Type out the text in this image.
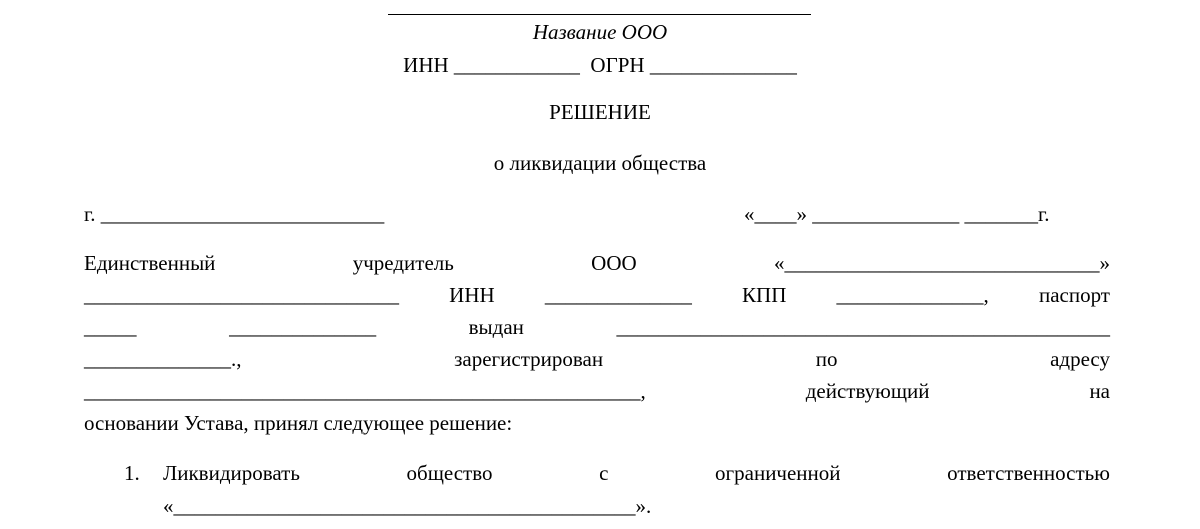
Название ООО
ИНН ____________  ОГРН ______________
РЕШЕНИЕ
о ликвидации общества
г. ___________________________	«____» ______________ _______г.
Единственный	учредитель	ООО	«______________________________»
______________________________ ИНН ______________ КПП ______________, паспорт
_____	______________	выдан	_______________________________________________
______________.,	зарегистрирован	по	адресу
_____________________________________________________,	действующий	на
основании Устава, принял следующее решение:
1. Ликвидировать	общество	с	ограниченной	ответственностью
«____________________________________________».
